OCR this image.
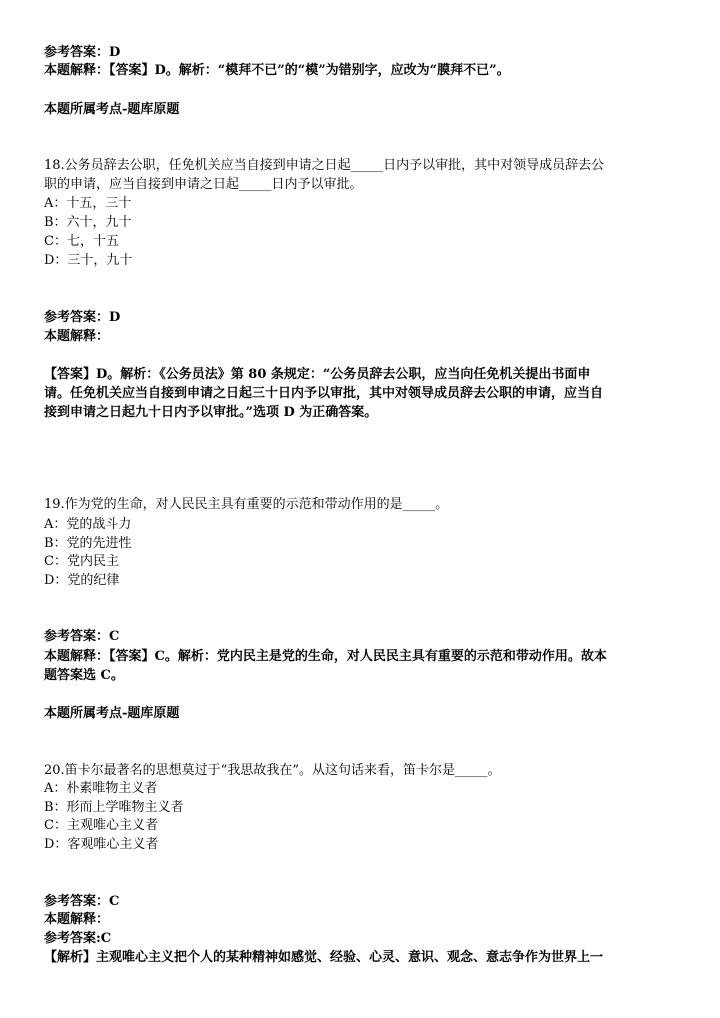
参考答案：D
本题解释：【答案】D。解析：“模拜不已”的“模”为错别字，应改为“膜拜不已”。
本题所属考点-题库原题
18.公务员辞去公职，任免机关应当自接到申请之日起_____日内予以审批，其中对领导成员辞去公
职的申请，应当自接到申请之日起_____日内予以审批。
A：十五，三十
B：六十，九十
C：七，十五
D：三十，九十
参考答案：D
本题解释：
【答案】D。解析：《公务员法》第 80 条规定：“公务员辞去公职，应当向任免机关提出书面申
请。任免机关应当自接到申请之日起三十日内予以审批，其中对领导成员辞去公职的申请，应当自
接到申请之日起九十日内予以审批。”选项 D 为正确答案。
19.作为党的生命，对人民民主具有重要的示范和带动作用的是_____。
A：党的战斗力
B：党的先进性
C：党内民主
D：党的纪律
参考答案：C
本题解释：【答案】C。解析：党内民主是党的生命，对人民民主具有重要的示范和带动作用。故本
题答案选 C。
本题所属考点-题库原题
20.笛卡尔最著名的思想莫过于“我思故我在”。从这句话来看，笛卡尔是_____。
A：朴素唯物主义者
B：形而上学唯物主义者
C：主观唯心主义者
D：客观唯心主义者
参考答案：C
本题解释：
参考答案:C
【解析】主观唯心主义把个人的某种精神如感觉、经验、心灵、意识、观念、意志争作为世界上一
